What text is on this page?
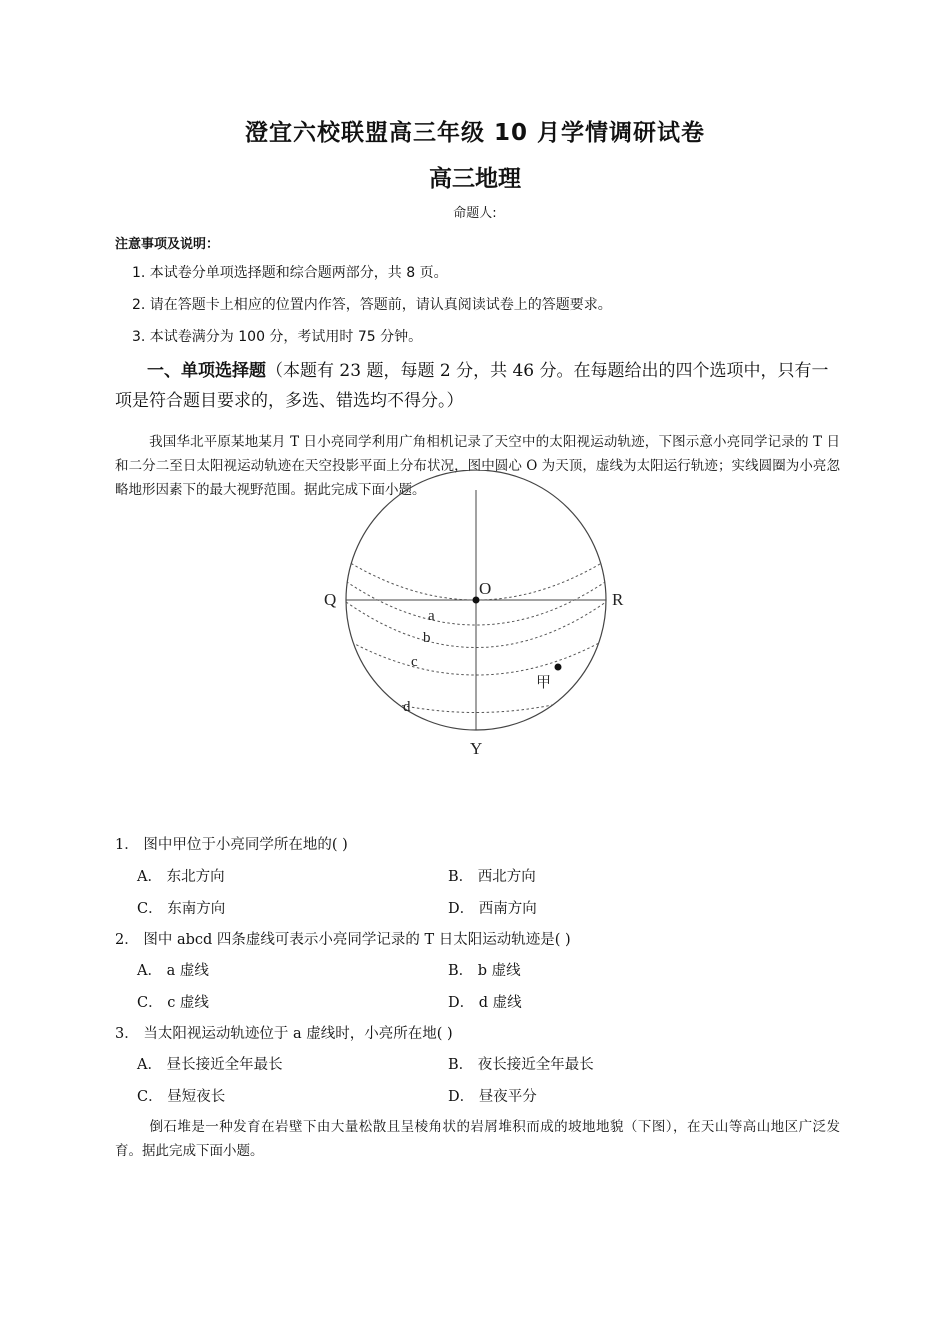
澄宜六校联盟高三年级 10 月学情调研试卷
高三地理
命题人:
注意事项及说明：
1. 本试卷分单项选择题和综合题两部分，共 8 页。
2. 请在答题卡上相应的位置内作答，答题前，请认真阅读试卷上的答题要求。
3. 本试卷满分为 100 分，考试用时 75 分钟。
一、单项选择题（本题有 23 题，每题 2 分，共 46 分。在每题给出的四个选项中，只有一项是符合题目要求的，多选、错选均不得分。）
我国华北平原某地某月 T 日小亮同学利用广角相机记录了天空中的太阳视运动轨迹，下图示意小亮同学记录的 T 日和二分二至日太阳视运动轨迹在天空投影平面上分布状况，图中圆心 O 为天顶，虚线为太阳运行轨迹；实线圆圈为小亮忽略地形因素下的最大视野范围。据此完成下面小题。
Q	R
O
Y
a
b
c
d
甲
1． 图中甲位于小亮同学所在地的( )
A． 东北方向	B． 西北方向
C． 东南方向	D． 西南方向
2． 图中 abcd 四条虚线可表示小亮同学记录的 T 日太阳运动轨迹是( )
A． a 虚线	B． b 虚线
C． c 虚线	D． d 虚线
3． 当太阳视运动轨迹位于 a 虚线时，小亮所在地( )
A． 昼长接近全年最长	B． 夜长接近全年最长
C． 昼短夜长	D． 昼夜平分
倒石堆是一种发育在岩壁下由大量松散且呈棱角状的岩屑堆积而成的坡地地貌（下图），在天山等高山地区广泛发育。据此完成下面小题。
